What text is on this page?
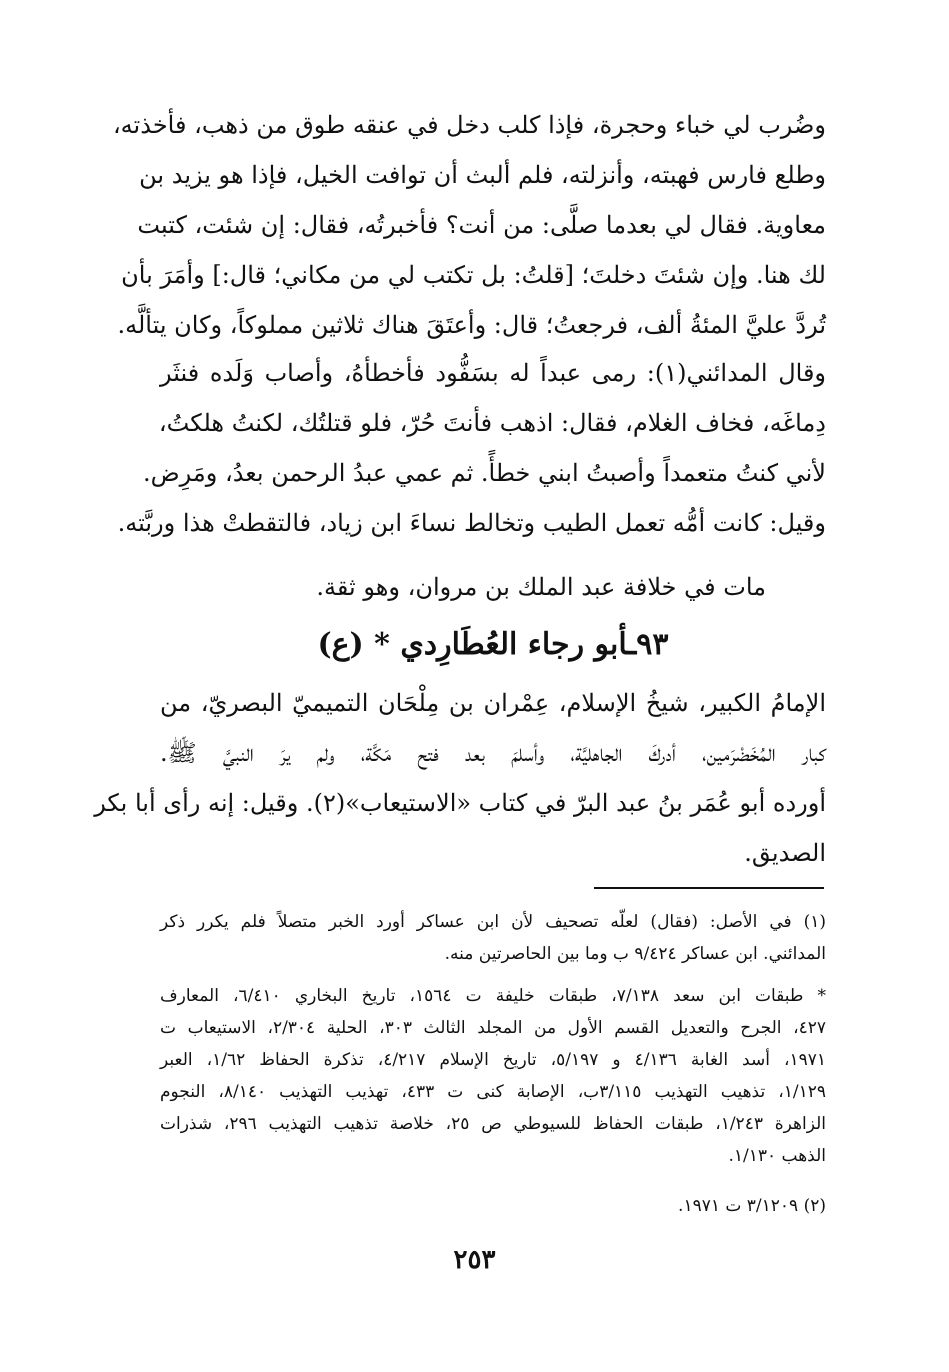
وضُرب لي خباء وحجرة، فإذا كلب دخل في عنقه طوق من ذهب، فأخذته،
وطلع فارس فهبته، وأنزلته، فلم ألبث أن توافت الخيل، فإذا هو يزيد بن
معاوية. فقال لي بعدما صلَّى: من أنت؟ فأخبرتُه، فقال: إن شئت، كتبت
لك هنا. وإن شئتَ دخلتَ؛ [قلتُ: بل تكتب لي من مكاني؛ قال:] وأمَرَ بأن
تُردَّ عليَّ المئةُ ألف، فرجعتُ؛ قال: وأعتَقَ هناك ثلاثين مملوكاً، وكان يتألَّه.
وقال المدائني(١): رمى عبداً له بسَفُّود فأخطأهُ، وأصاب وَلَده فنثَر
دِماغَه، فخاف الغلام، فقال: اذهب فأنتَ حُرّ، فلو قتلتُك، لكنتُ هلكتُ،
لأني كنتُ متعمداً وأصبتُ ابني خطأً. ثم عمي عبدُ الرحمن بعدُ، ومَرِض.
وقيل: كانت أمُّه تعمل الطيب وتخالط نساءَ ابن زياد، فالتقطتْ هذا وربَّته.
مات في خلافة عبد الملك بن مروان، وهو ثقة.
٩٣ـأبو رجاء العُطَارِدي * (ع)
الإمامُ الكبير، شيخُ الإسلام، عِمْران بن مِلْحَان التميميّ البصريّ، من
كبار المُخَضْرَمين، أدركَ الجاهليَّة، وأسلمَ بعد فتح مَكَّة، ولم يرَ النبيَّ ﷺ.
أورده أبو عُمَر بنُ عبد البرّ في كتاب «الاستيعاب»(٢). وقيل: إنه رأى أبا بكر
الصديق.
(١) في الأصل: (فقال) لعلّه تصحيف لأن ابن عساكر أورد الخبر متصلاً فلم يكرر ذكر
المدائني. ابن عساكر ٩/٤٢٤ ب وما بين الحاصرتين منه.
* طبقات ابن سعد ٧/١٣٨، طبقات خليفة ت ١٥٦٤، تاريخ البخاري ٦/٤١٠، المعارف
٤٢٧، الجرح والتعديل القسم الأول من المجلد الثالث ٣٠٣، الحلية ٢/٣٠٤، الاستيعاب ت
١٩٧١، أسد الغابة ٤/١٣٦ و ٥/١٩٧، تاريخ الإسلام ٤/٢١٧، تذكرة الحفاظ ١/٦٢، العبر
١/١٢٩، تذهيب التهذيب ٣/١١٥ب، الإصابة كنى ت ٤٣٣، تهذيب التهذيب ٨/١٤٠، النجوم
الزاهرة ١/٢٤٣، طبقات الحفاظ للسيوطي ص ٢٥، خلاصة تذهيب التهذيب ٢٩٦، شذرات
الذهب ١/١٣٠.
(٢) ٣/١٢٠٩ ت ١٩٧١.
٢٥٣
